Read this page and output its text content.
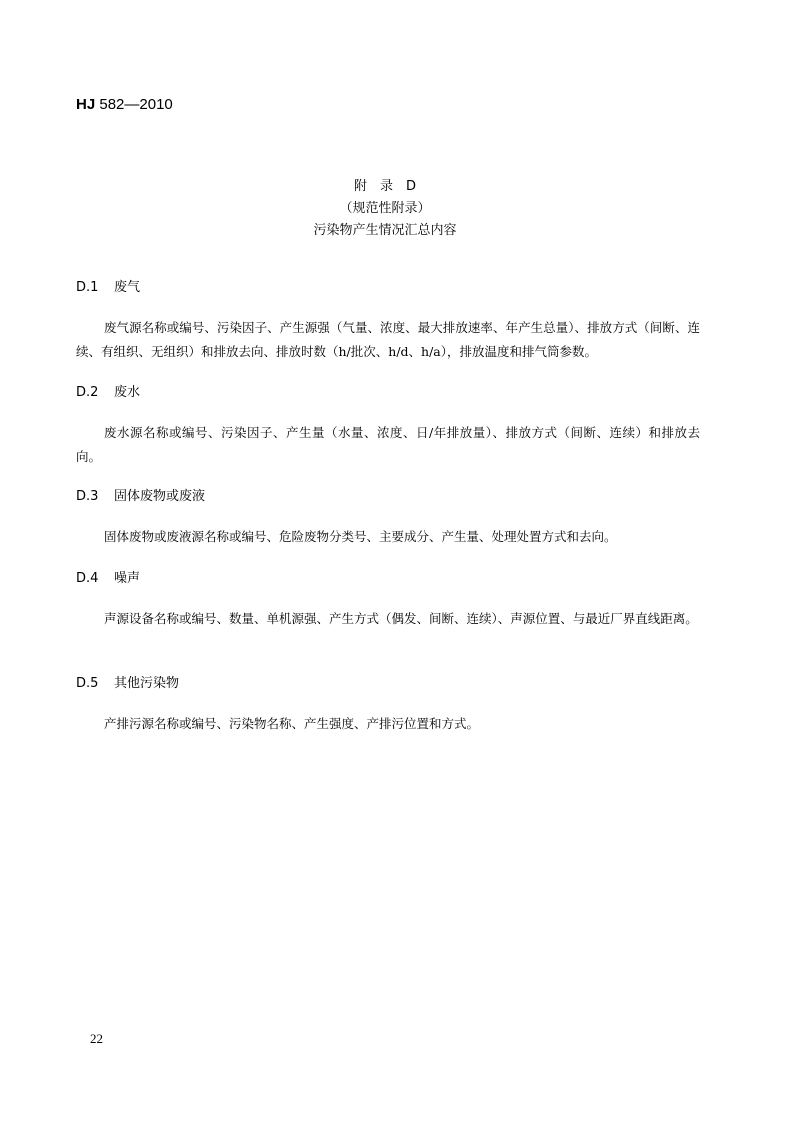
HJ 582—2010
附　录　D
（规范性附录）
污染物产生情况汇总内容
D.1 废气
废气源名称或编号、污染因子、产生源强（气量、浓度、最大排放速率、年产生总量）、排放方式（间断、连续、有组织、无组织）和排放去向、排放时数（h/批次、h/d、h/a），排放温度和排气筒参数。
D.2 废水
废水源名称或编号、污染因子、产生量（水量、浓度、日/年排放量）、排放方式（间断、连续）和排放去向。
D.3 固体废物或废液
固体废物或废液源名称或编号、危险废物分类号、主要成分、产生量、处理处置方式和去向。
D.4 噪声
声源设备名称或编号、数量、单机源强、产生方式（偶发、间断、连续）、声源位置、与最近厂界直线距离。
D.5 其他污染物
产排污源名称或编号、污染物名称、产生强度、产排污位置和方式。
22
